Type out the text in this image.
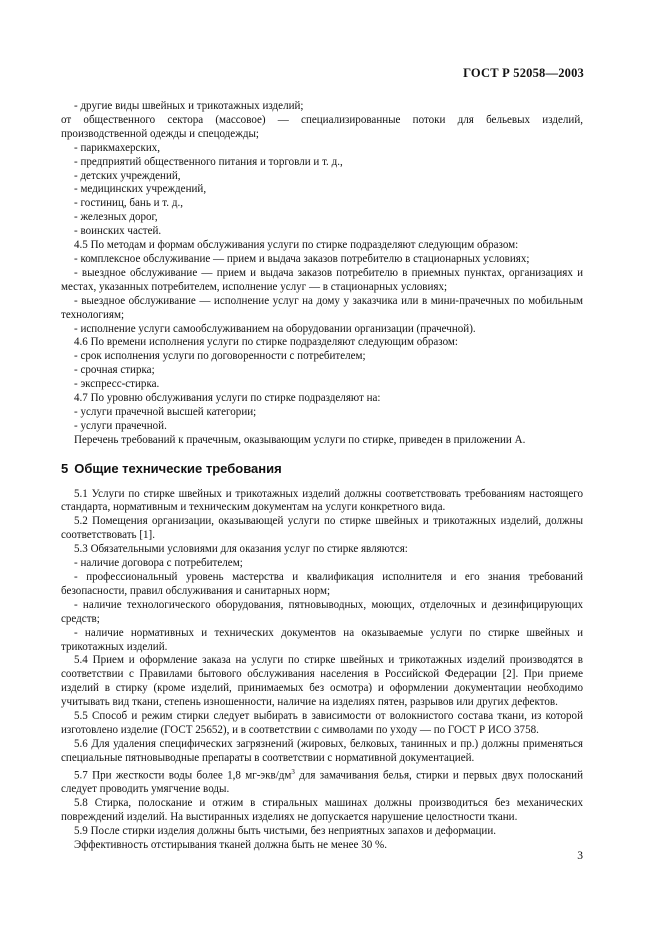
ГОСТ Р 52058—2003
- другие виды швейных и трикотажных изделий;
от общественного сектора (массовое) — специализированные потоки для бельевых изделий, производственной одежды и спецодежды;
- парикмахерских,
- предприятий общественного питания и торговли и т. д.,
- детских учреждений,
- медицинских учреждений,
- гостиниц, бань и т. д.,
- железных дорог,
- воинских частей.
4.5 По методам и формам обслуживания услуги по стирке подразделяют следующим образом:
- комплексное обслуживание — прием и выдача заказов потребителю в стационарных условиях;
- выездное обслуживание — прием и выдача заказов потребителю в приемных пунктах, организациях и местах, указанных потребителем, исполнение услуг — в стационарных условиях;
- выездное обслуживание — исполнение услуг на дому у заказчика или в мини-прачечных по мобильным технологиям;
- исполнение услуги самообслуживанием на оборудовании организации (прачечной).
4.6 По времени исполнения услуги по стирке подразделяют следующим образом:
- срок исполнения услуги по договоренности с потребителем;
- срочная стирка;
- экспресс-стирка.
4.7 По уровню обслуживания услуги по стирке подразделяют на:
- услуги прачечной высшей категории;
- услуги прачечной.
Перечень требований к прачечным, оказывающим услуги по стирке, приведен в приложении А.
5 Общие технические требования
5.1 Услуги по стирке швейных и трикотажных изделий должны соответствовать требованиям настоящего стандарта, нормативным и техническим документам на услуги конкретного вида.
5.2 Помещения организации, оказывающей услуги по стирке швейных и трикотажных изделий, должны соответствовать [1].
5.3 Обязательными условиями для оказания услуг по стирке являются:
- наличие договора с потребителем;
- профессиональный уровень мастерства и квалификация исполнителя и его знания требований безопасности, правил обслуживания и санитарных норм;
- наличие технологического оборудования, пятновыводных, моющих, отделочных и дезинфицирующих средств;
- наличие нормативных и технических документов на оказываемые услуги по стирке швейных и трикотажных изделий.
5.4 Прием и оформление заказа на услуги по стирке швейных и трикотажных изделий производятся в соответствии с Правилами бытового обслуживания населения в Российской Федерации [2]. При приеме изделий в стирку (кроме изделий, принимаемых без осмотра) и оформлении документации необходимо учитывать вид ткани, степень изношенности, наличие на изделиях пятен, разрывов или других дефектов.
5.5 Способ и режим стирки следует выбирать в зависимости от волокнистого состава ткани, из которой изготовлено изделие (ГОСТ 25652), и в соответствии с символами по уходу — по ГОСТ Р ИСО 3758.
5.6 Для удаления специфических загрязнений (жировых, белковых, танинных и пр.) должны применяться специальные пятновыводные препараты в соответствии с нормативной документацией.
5.7 При жесткости воды более 1,8 $мг-экв/дм^3$ для замачивания белья, стирки и первых двух полосканий следует проводить умягчение воды.
5.8 Стирка, полоскание и отжим в стиральных машинах должны производиться без механических повреждений изделий. На выстиранных изделиях не допускается нарушение целостности ткани.
5.9 После стирки изделия должны быть чистыми, без неприятных запахов и деформации.
Эффективность отстирывания тканей должна быть не менее 30 %.
3
